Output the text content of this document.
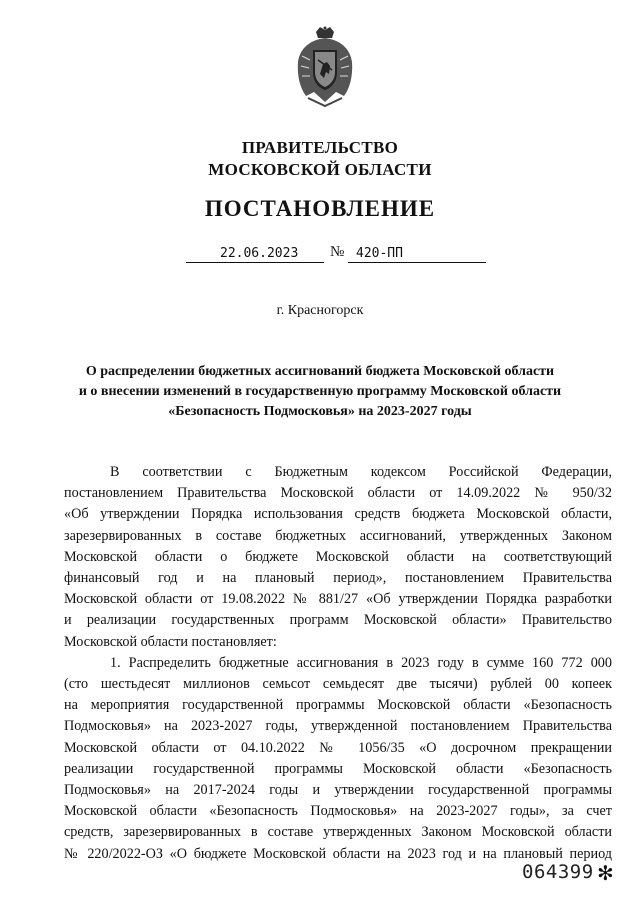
ПРАВИТЕЛЬСТВО
МОСКОВСКОЙ ОБЛАСТИ
ПОСТАНОВЛЕНИЕ
22.06.2023 № 420-ПП
г. Красногорск
О распределении бюджетных ассигнований бюджета Московской области
и о внесении изменений в государственную программу Московской области
«Безопасность Подмосковья» на 2023-2027 годы

В соответствии с Бюджетным кодексом Российской Федерации,

постановлением Правительства Московской области от 14.09.2022 № 950/32

«Об утверждении Порядка использования средств бюджета Московской области,

зарезервированных в составе бюджетных ассигнований, утвержденных Законом

Московской области о бюджете Московской области на соответствующий

финансовый год и на плановый период», постановлением Правительства

Московской области от 19.08.2022 № 881/27 «Об утверждении Порядка разработки

и реализации государственных программ Московской области» Правительство

Московской области постановляет:

1. Распределить бюджетные ассигнования в 2023 году в сумме 160 772 000

(сто шестьдесят миллионов семьсот семьдесят две тысячи) рублей 00 копеек

на мероприятия государственной программы Московской области «Безопасность

Подмосковья» на 2023-2027 годы, утвержденной постановлением Правительства

Московской области от 04.10.2022 № 1056/35 «О досрочном прекращении

реализации государственной программы Московской области «Безопасность

Подмосковья» на 2017-2024 годы и утверждении государственной программы

Московской области «Безопасность Подмосковья» на 2023-2027 годы», за счет

средств, зарезервированных в составе утвержденных Законом Московской области

№ 220/2022-ОЗ «О бюджете Московской области на 2023 год и на плановый период

064399 ✻
